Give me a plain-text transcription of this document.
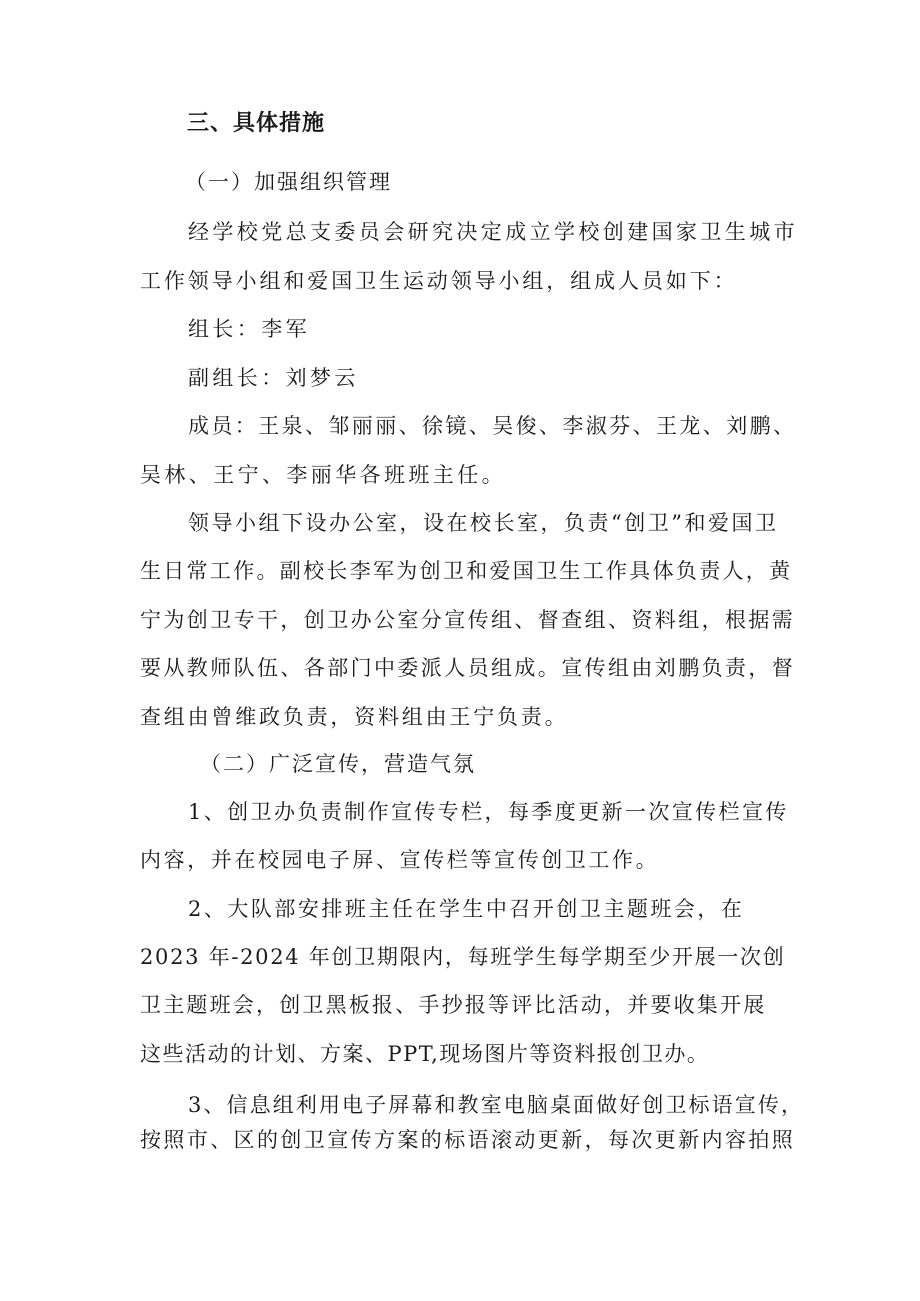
三、具体措施
（一）加强组织管理
经学校党总支委员会研究决定成立学校创建国家卫生城市
工作领导小组和爱国卫生运动领导小组，组成人员如下：
组长：李军
副组长：刘梦云
成员：王泉、邹丽丽、徐镜、吴俊、李淑芬、王龙、刘鹏、
吴林、王宁、李丽华各班班主任。
领导小组下设办公室，设在校长室，负责“创卫”和爱国卫
生日常工作。副校长李军为创卫和爱国卫生工作具体负责人，黄
宁为创卫专干，创卫办公室分宣传组、督查组、资料组，根据需
要从教师队伍、各部门中委派人员组成。宣传组由刘鹏负责，督
查组由曾维政负责，资料组由王宁负责。
（二）广泛宣传，营造气氛
1、创卫办负责制作宣传专栏，每季度更新一次宣传栏宣传
内容，并在校园电子屏、宣传栏等宣传创卫工作。
2、大队部安排班主任在学生中召开创卫主题班会，在
2023 年-2024 年创卫期限内，每班学生每学期至少开展一次创
卫主题班会，创卫黑板报、手抄报等评比活动，并要收集开展
这些活动的计划、方案、PPT,现场图片等资料报创卫办。
3、信息组利用电子屏幕和教室电脑桌面做好创卫标语宣传，
按照市、区的创卫宣传方案的标语滚动更新，每次更新内容拍照
